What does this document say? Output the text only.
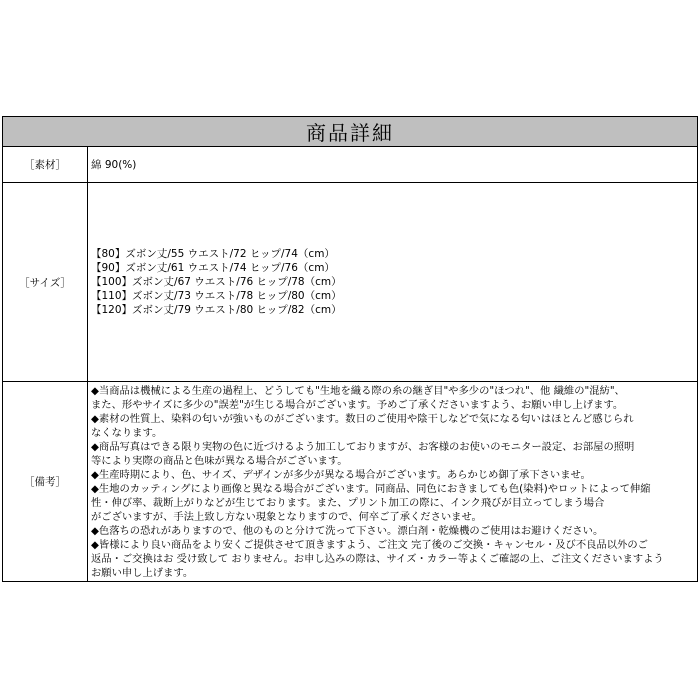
商品詳細
［素材］	綿 90(%)
［サイズ］
【80】ズボン丈/55 ウエスト/72 ヒップ/74（cm）
【90】ズボン丈/61 ウエスト/74 ヒップ/76（cm）
【100】ズボン丈/67 ウエスト/76 ヒップ/78（cm）
【110】ズボン丈/73 ウエスト/78 ヒップ/80（cm）
【120】ズボン丈/79 ウエスト/80 ヒップ/82（cm）
［備考］
◆当商品は機械による生産の過程上、どうしても"生地を織る際の糸の継ぎ目"や多少の"ほつれ"、他 繊維の"混紡"、
また、形やサイズに多少の"誤差"が生じる場合がございます。予めご了承くださいますよう、お願い申し上げます。
◆素材の性質上、染料の匂いが強いものがございます。数日のご使用や陰干しなどで気になる匂いはほとんど感じられ
なくなります。
◆商品写真はできる限り実物の色に近づけるよう加工しておりますが、お客様のお使いのモニター設定、お部屋の照明
等により実際の商品と色味が異なる場合がございます。
◆生産時期により、色、サイズ、デザインが多少が異なる場合がございます。あらかじめ御了承下さいませ。
◆生地のカッティングにより画像と異なる場合がございます。同商品、同色におきましても色(染料)やロットによって伸縮
性・伸び率、裁断上がりなどが生じております。また、プリント加工の際に、インク飛びが目立ってしまう場合
がございますが、手法上致し方ない現象となりますので、何卒ご了承くださいませ。
◆色落ちの恐れがありますので、他のものと分けて洗って下さい。漂白剤・乾燥機のご使用はお避けください。
◆皆様により良い商品をより安くご提供させて頂きますよう、ご注文 完了後のご交換・キャンセル・及び不良品以外のご
返品・ご交換はお 受け致して おりません。お申し込みの際は、サイズ・カラー等よくご確認の上、ご注文くださいますよう
お願い申し上げます。
